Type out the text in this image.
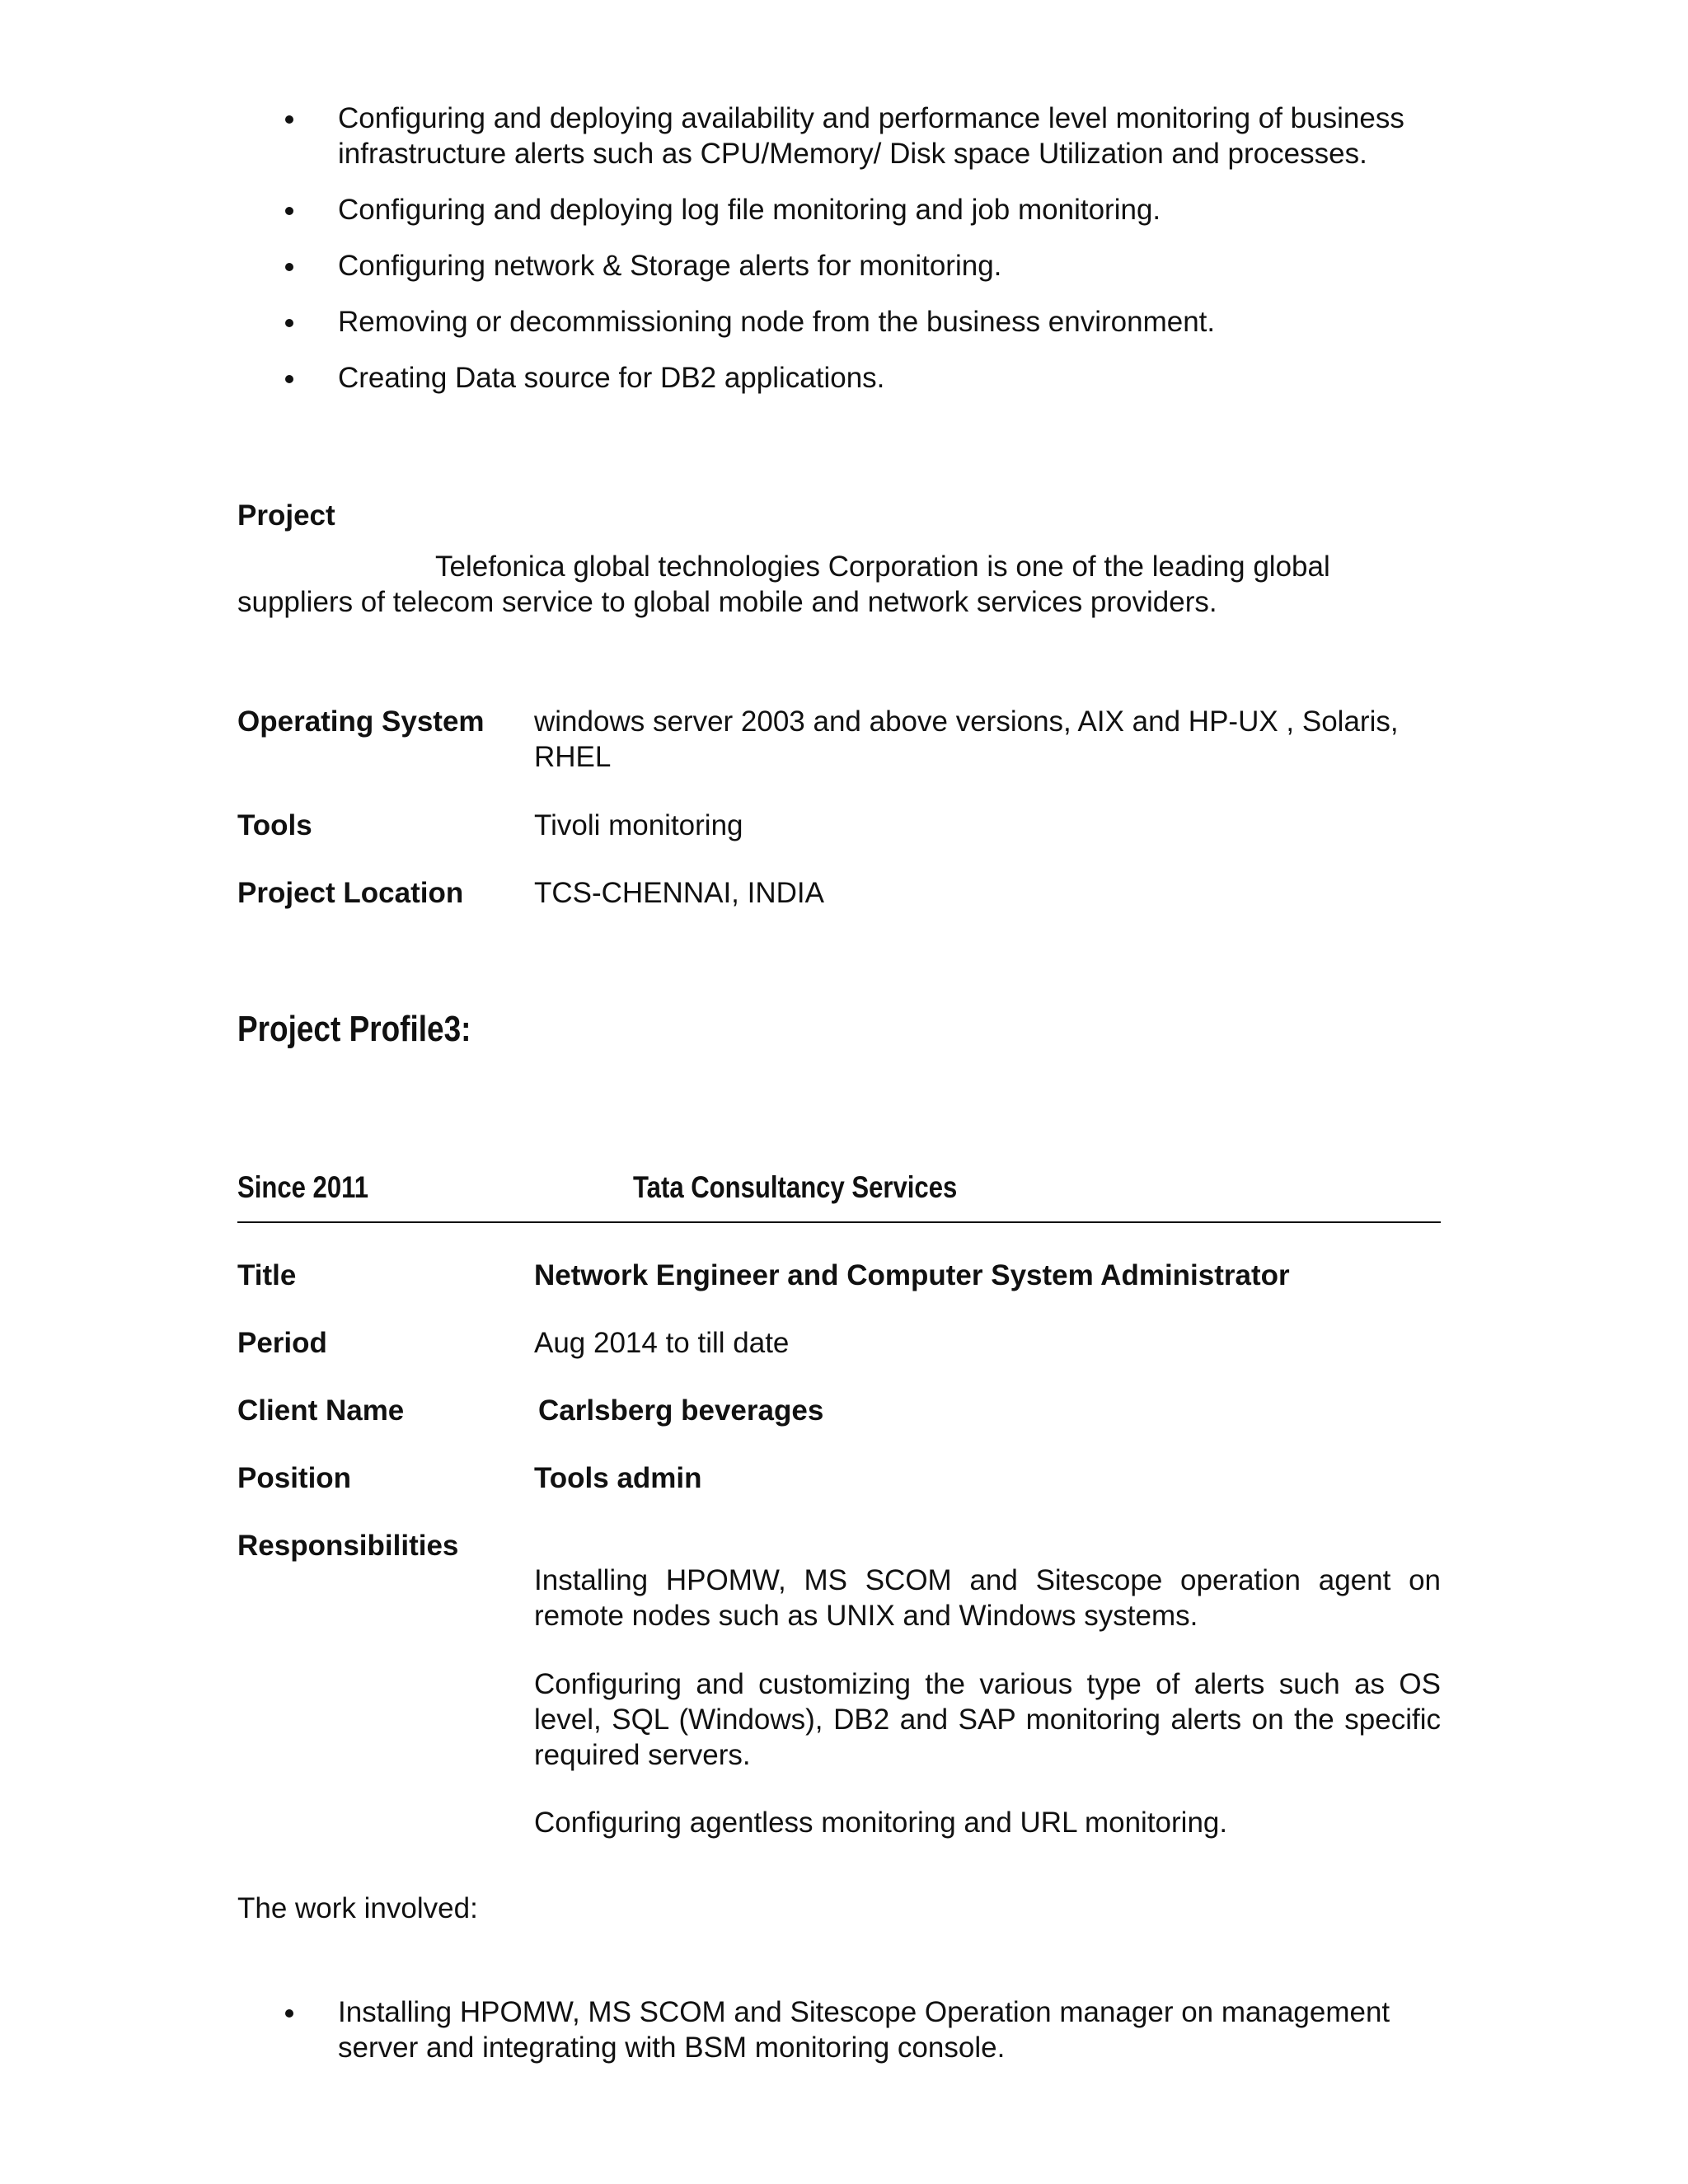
Configuring and deploying availability and performance level monitoring of business infrastructure alerts such as CPU/Memory/ Disk space Utilization and processes.
Configuring and deploying log file monitoring and job monitoring.
Configuring network & Storage alerts for monitoring.
Removing or decommissioning node from the business environment.
Creating Data source for DB2 applications.
Project
Telefonica global technologies Corporation is one of the leading global suppliers of telecom service to global mobile and network services providers.
Operating System	windows server 2003 and above versions, AIX and HP-UX , Solaris, RHEL
Tools	Tivoli monitoring
Project Location	TCS-CHENNAI, INDIA
Project Profile3:
Since 2011	Tata Consultancy Services
Title	Network Engineer and Computer System Administrator
Period	Aug 2014 to till date
Client Name	Carlsberg beverages
Position	Tools admin
Responsibilities
Installing HPOMW, MS SCOM and Sitescope operation agent on remote nodes such as UNIX and Windows systems.
Configuring and customizing the various type of alerts such as OS level, SQL (Windows), DB2 and SAP monitoring alerts on the specific required servers.
Configuring agentless monitoring and URL monitoring.
The work involved:
Installing HPOMW, MS SCOM and Sitescope Operation manager on management server and integrating with BSM monitoring console.
